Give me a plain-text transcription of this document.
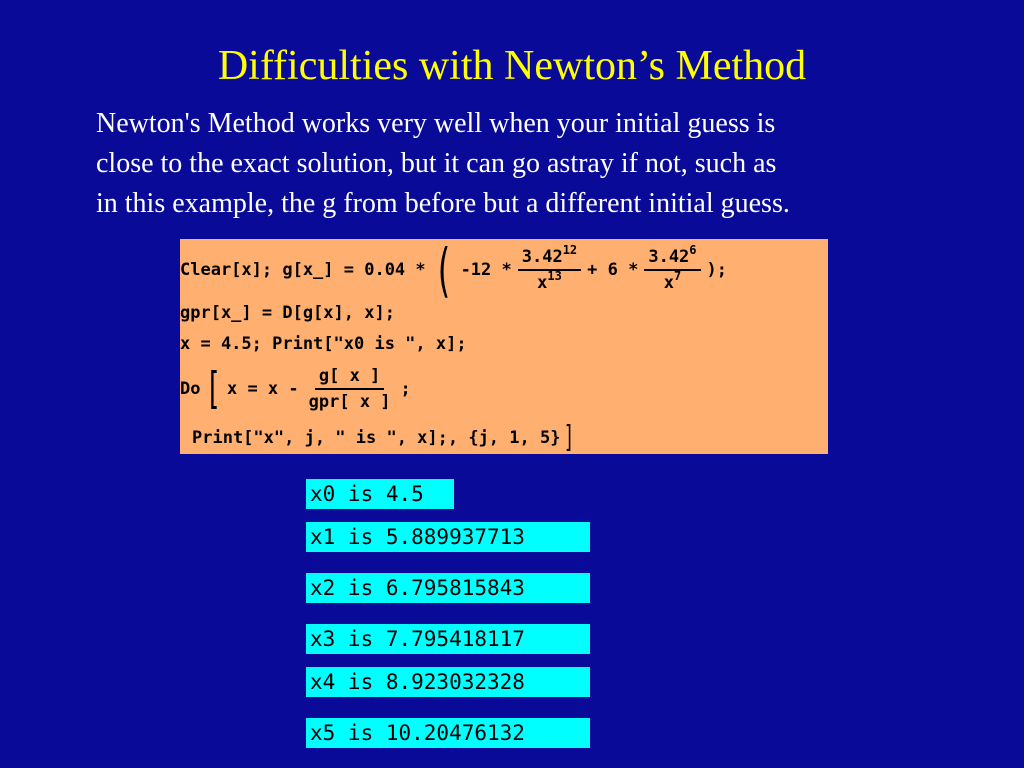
Difficulties with Newton’s Method
Newton's Method works very well when your initial guess is
close to the exact solution, but it can go astray if not, such as
in this example, the g from before but a different initial guess.
Clear[x]; g[x_] = 0.04 * ( $-12 * \frac{3.42^{12}}{x^{13}} + 6 * \frac{3.42^6}{x^7}$ );
gpr[x_] = D[g[x], x];
x = 4.5; Print["x0 is ", x];
Do [ $x = x - \frac{g[ x ]}{\text{gpr[ x ]}}$ ;
Print["x", j, " is ", x];, {j, 1, 5} ]
x0 is 4.5
x1 is 5.889937713
x2 is 6.795815843
x3 is 7.795418117
x4 is 8.923032328
x5 is 10.20476132
